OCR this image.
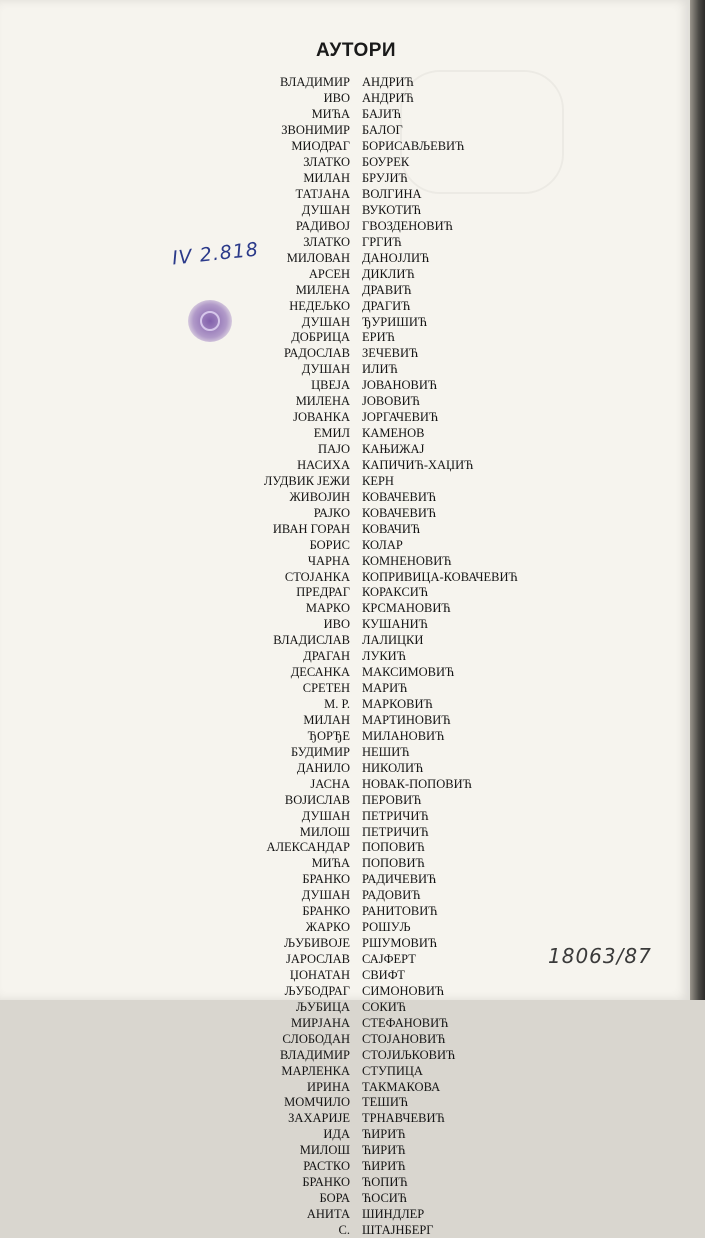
АУТОРИ
ВЛАДИМИР АНДРИЋ
ИВО АНДРИЋ
МИЋА БАЈИЋ
ЗВОНИМИР БАЛОГ
МИОДРАГ БОРИСАВЉЕВИЋ
ЗЛАТКО БОУРЕК
МИЛАН БРУЈИЋ
ТАТЈАНА ВОЛГИНА
ДУШАН ВУКОТИЋ
РАДИВОЈ ГВОЗДЕНОВИЋ
ЗЛАТКО ГРГИЋ
МИЛОВАН ДАНОЈЛИЋ
АРСЕН ДИКЛИЋ
МИЛЕНА ДРАВИЋ
НЕДЕЉКО ДРАГИЋ
ДУШАН ЂУРИШИЋ
ДОБРИЦА ЕРИЋ
РАДОСЛАВ ЗЕЧЕВИЋ
ДУШАН ИЛИЋ
ЦВЕЈА ЈОВАНОВИЋ
МИЛЕНА ЈОВОВИЋ
ЈОВАНКА ЈОРГАЧЕВИЋ
ЕМИЛ КАМЕНОВ
ПАЈО КАЊИЖАЈ
НАСИХА КАПИЧИЋ-ХАЏИЋ
ЛУДВИК ЈЕЖИ КЕРН
ЖИВОЈИН КОВАЧЕВИЋ
РАЈКО КОВАЧЕВИЋ
ИВАН ГОРАН КОВАЧИЋ
БОРИС КОЛАР
ЧАРНА КОМНЕНОВИЋ
СТОЈАНКА КОПРИВИЦА-КОВАЧЕВИЋ
ПРЕДРАГ КОРАКСИЋ
МАРКО КРСМАНОВИЋ
ИВО КУШАНИЋ
ВЛАДИСЛАВ ЛАЛИЦКИ
ДРАГАН ЛУКИЋ
ДЕСАНКА МАКСИМОВИЋ
СРЕТЕН МАРИЋ
М. Р. МАРКОВИЋ
МИЛАН МАРТИНОВИЋ
ЂОРЂЕ МИЛАНОВИЋ
БУДИМИР НЕШИЋ
ДАНИЛО НИКОЛИЋ
ЈАСНА НОВАК-ПОПОВИЋ
ВОЈИСЛАВ ПЕРОВИЋ
ДУШАН ПЕТРИЧИЋ
МИЛОШ ПЕТРИЧИЋ
АЛЕКСАНДАР ПОПОВИЋ
МИЋА ПОПОВИЋ
БРАНКО РАДИЧЕВИЋ
ДУШАН РАДОВИЋ
БРАНКО РАНИТОВИЋ
ЖАРКО РОШУЉ
ЉУБИВОЈЕ РШУМОВИЋ
ЈАРОСЛАВ САЈФЕРТ
ЏОНАТАН СВИФТ
ЉУБОДРАГ СИМОНОВИЋ
ЉУБИЦА СОКИЋ
МИРЈАНА СТЕФАНОВИЋ
СЛОБОДАН СТОЈАНОВИЋ
ВЛАДИМИР СТОЈИЉКОВИЋ
МАРЛЕНКА СТУПИЦА
ИРИНА ТАКМАКОВА
МОМЧИЛО ТЕШИЋ
ЗАХАРИЈЕ ТРНАВЧЕВИЋ
ИДА ЋИРИЋ
МИЛОШ ЋИРИЋ
РАСТКО ЋИРИЋ
БРАНКО ЋОПИЋ
БОРА ЋОСИЋ
АНИТА ШИНДЛЕР
С. ШТАЈНБЕРГ
IV 2.818
18063/87
